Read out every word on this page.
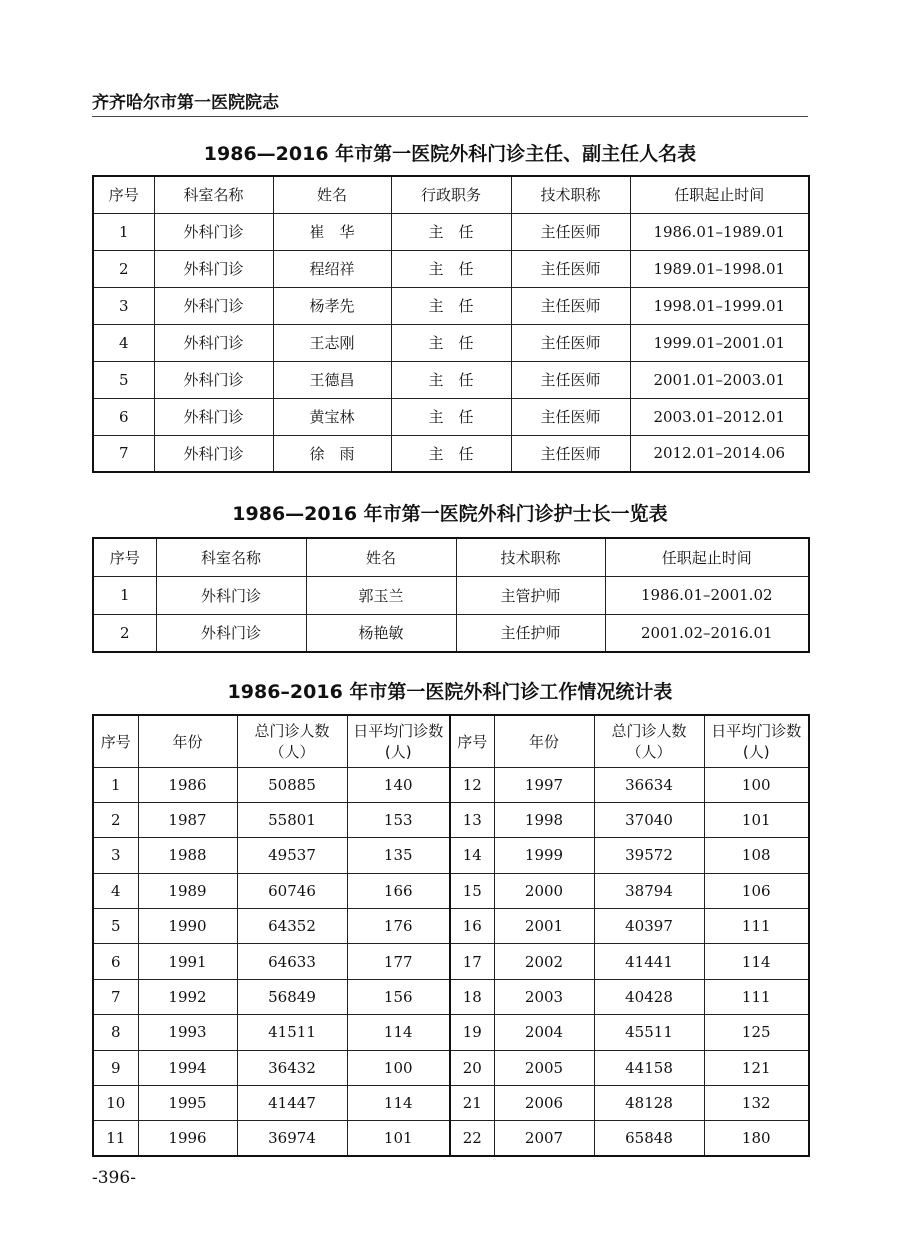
齐齐哈尔市第一医院院志
1986—2016 年市第一医院外科门诊主任、副主任人名表
序号	科室名称	姓名	行政职务	技术职称	任职起止时间
1	外科门诊	崔　华	主　任	主任医师	1986.01–1989.01
2	外科门诊	程绍祥	主　任	主任医师	1989.01–1998.01
3	外科门诊	杨孝先	主　任	主任医师	1998.01–1999.01
4	外科门诊	王志刚	主　任	主任医师	1999.01–2001.01
5	外科门诊	王德昌	主　任	主任医师	2001.01–2003.01
6	外科门诊	黄宝林	主　任	主任医师	2003.01–2012.01
7	外科门诊	徐　雨	主　任	主任医师	2012.01–2014.06
1986—2016 年市第一医院外科门诊护士长一览表
序号	科室名称	姓名	技术职称	任职起止时间
1	外科门诊	郭玉兰	主管护师	1986.01–2001.02
2	外科门诊	杨艳敏	主任护师	2001.02–2016.01
1986–2016 年市第一医院外科门诊工作情况统计表
序号	年份	总门诊人数（人）	日平均门诊数(人)	序号	年份	总门诊人数（人）	日平均门诊数(人)
1	1986	50885	140	12	1997	36634	100
2	1987	55801	153	13	1998	37040	101
3	1988	49537	135	14	1999	39572	108
4	1989	60746	166	15	2000	38794	106
5	1990	64352	176	16	2001	40397	111
6	1991	64633	177	17	2002	41441	114
7	1992	56849	156	18	2003	40428	111
8	1993	41511	114	19	2004	45511	125
9	1994	36432	100	20	2005	44158	121
10	1995	41447	114	21	2006	48128	132
11	1996	36974	101	22	2007	65848	180
-396-
